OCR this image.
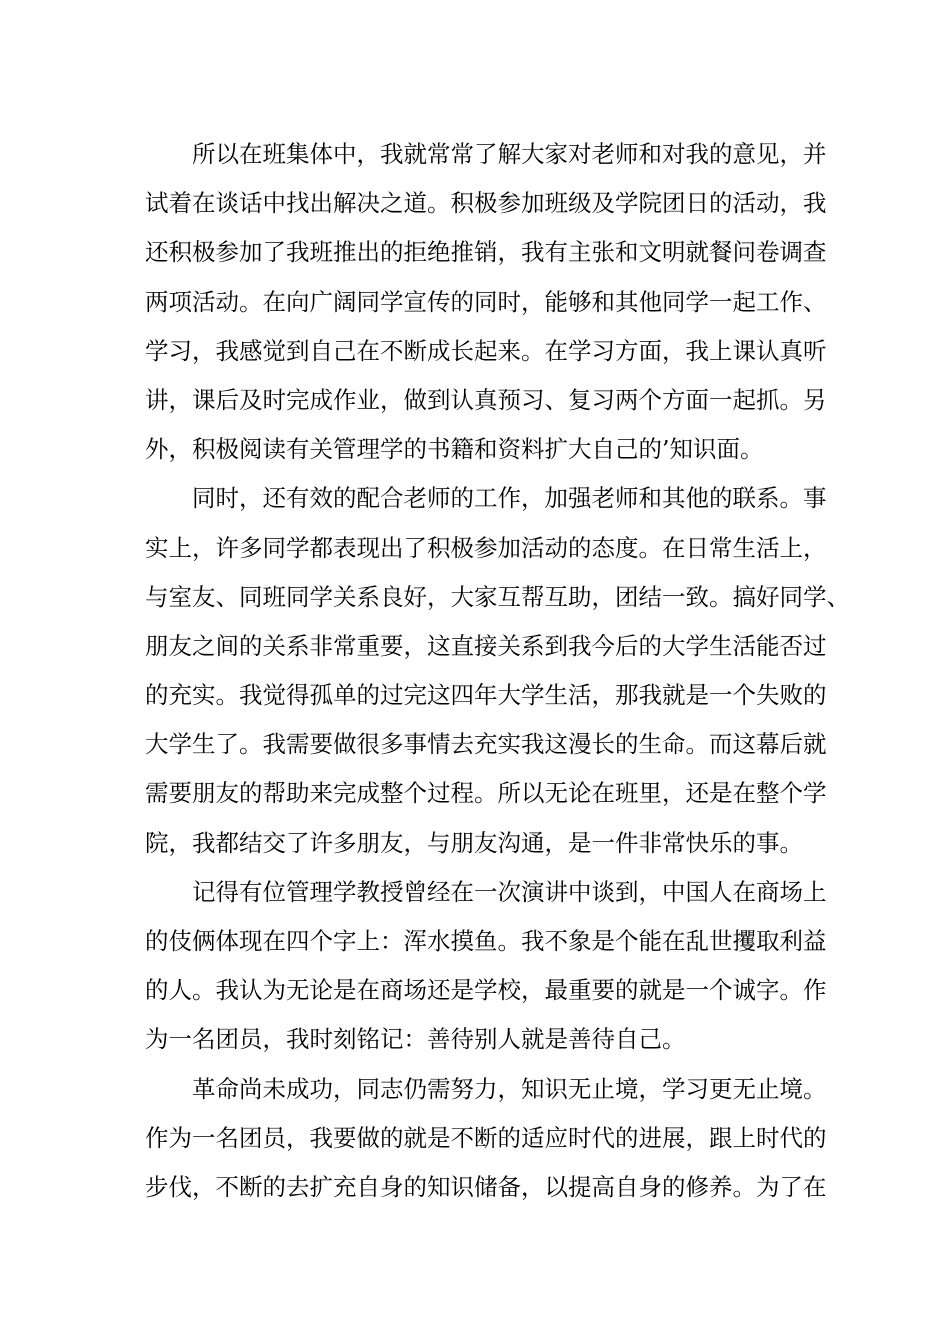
所以在班集体中，我就常常了解大家对老师和对我的意见，并
试着在谈话中找出解决之道。积极参加班级及学院团日的活动，我
还积极参加了我班推出的拒绝推销，我有主张和文明就餐问卷调查
两项活动。在向广阔同学宣传的同时，能够和其他同学一起工作、
学习，我感觉到自己在不断成长起来。在学习方面，我上课认真听
讲，课后及时完成作业，做到认真预习、复习两个方面一起抓。另
外，积极阅读有关管理学的书籍和资料扩大自己的’知识面。
同时，还有效的配合老师的工作，加强老师和其他的联系。事
实上，许多同学都表现出了积极参加活动的态度。在日常生活上，
与室友、同班同学关系良好，大家互帮互助，团结一致。搞好同学、
朋友之间的关系非常重要，这直接关系到我今后的大学生活能否过
的充实。我觉得孤单的过完这四年大学生活，那我就是一个失败的
大学生了。我需要做很多事情去充实我这漫长的生命。而这幕后就
需要朋友的帮助来完成整个过程。所以无论在班里，还是在整个学
院，我都结交了许多朋友，与朋友沟通，是一件非常快乐的事。
记得有位管理学教授曾经在一次演讲中谈到，中国人在商场上
的伎俩体现在四个字上：浑水摸鱼。我不象是个能在乱世攫取利益
的人。我认为无论是在商场还是学校，最重要的就是一个诚字。作
为一名团员，我时刻铭记：善待别人就是善待自己。
革命尚未成功，同志仍需努力，知识无止境，学习更无止境。
作为一名团员，我要做的就是不断的适应时代的进展，跟上时代的
步伐，不断的去扩充自身的知识储备，以提高自身的修养。为了在
